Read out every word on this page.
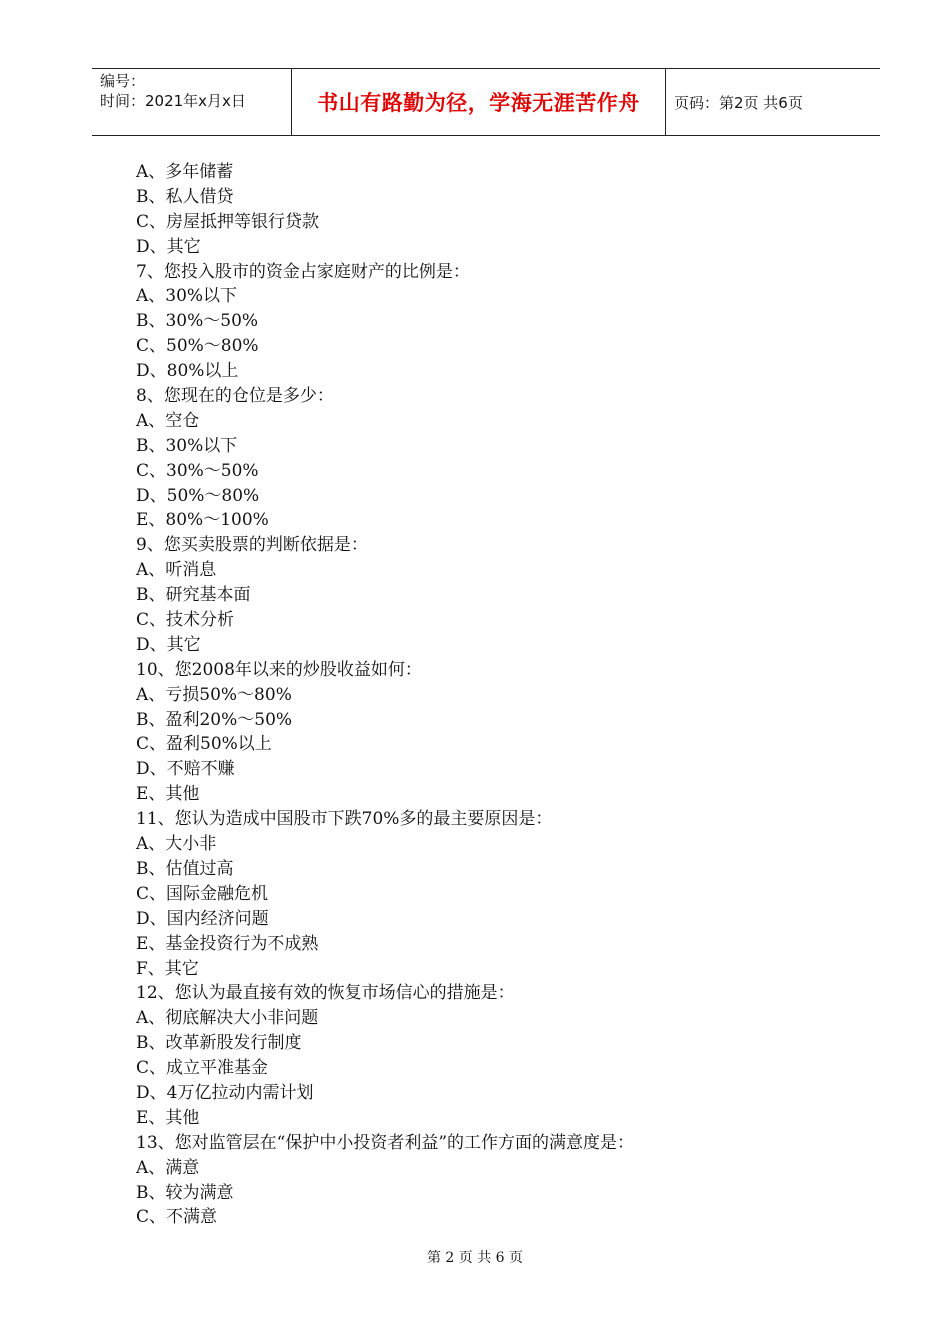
编号：
时间：2021年x月x日	书山有路勤为径，学海无涯苦作舟	页码：第2页 共6页
A、多年储蓄
B、私人借贷
C、房屋抵押等银行贷款
D、其它
7、您投入股市的资金占家庭财产的比例是：
A、30%以下
B、30%～50%
C、50%～80%
D、80%以上
8、您现在的仓位是多少：
A、空仓
B、30%以下
C、30%～50%
D、50%～80%
E、80%～100%
9、您买卖股票的判断依据是：
A、听消息
B、研究基本面
C、技术分析
D、其它
10、您2008年以来的炒股收益如何：
A、亏损50%～80%
B、盈利20%～50%
C、盈利50%以上
D、不赔不赚
E、其他
11、您认为造成中国股市下跌70%多的最主要原因是：
A、大小非
B、估值过高
C、国际金融危机
D、国内经济问题
E、基金投资行为不成熟
F、其它
12、您认为最直接有效的恢复市场信心的措施是：
A、彻底解决大小非问题
B、改革新股发行制度
C、成立平准基金
D、4万亿拉动内需计划
E、其他
13、您对监管层在“保护中小投资者利益”的工作方面的满意度是：
A、满意
B、较为满意
C、不满意
第 2 页 共 6 页
